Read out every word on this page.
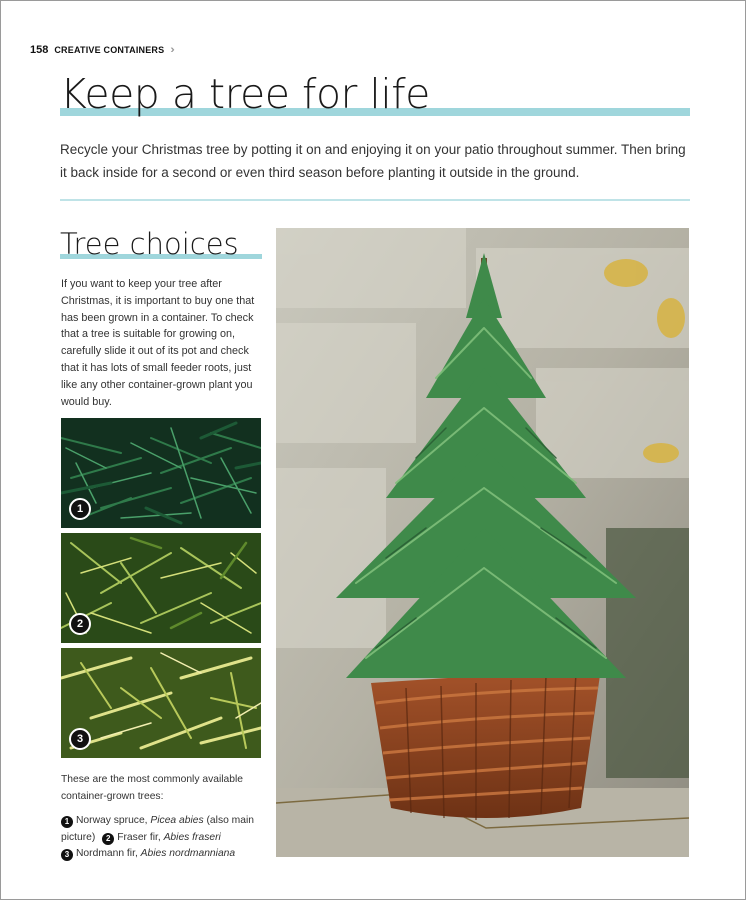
158 CREATIVE CONTAINERS ››
Keep a tree for life

Recycle your Christmas tree by potting it on and enjoying it on your patio throughout summer. Then bring it back inside for a second or even third season before planting it outside in the ground.

Tree choices

If you want to keep your tree after Christmas, it is important to buy one that has been grown in a container. To check that a tree is suitable for growing on, carefully slide it out of its pot and check that it has lots of small feeder roots, just like any other container-grown plant you would buy.

1
2
3
These are the most commonly available container-grown trees:
1 Norway spruce, Picea abies (also main picture) 2 Fraser fir, Abies fraseri
3 Nordmann fir, Abies nordmanniana
